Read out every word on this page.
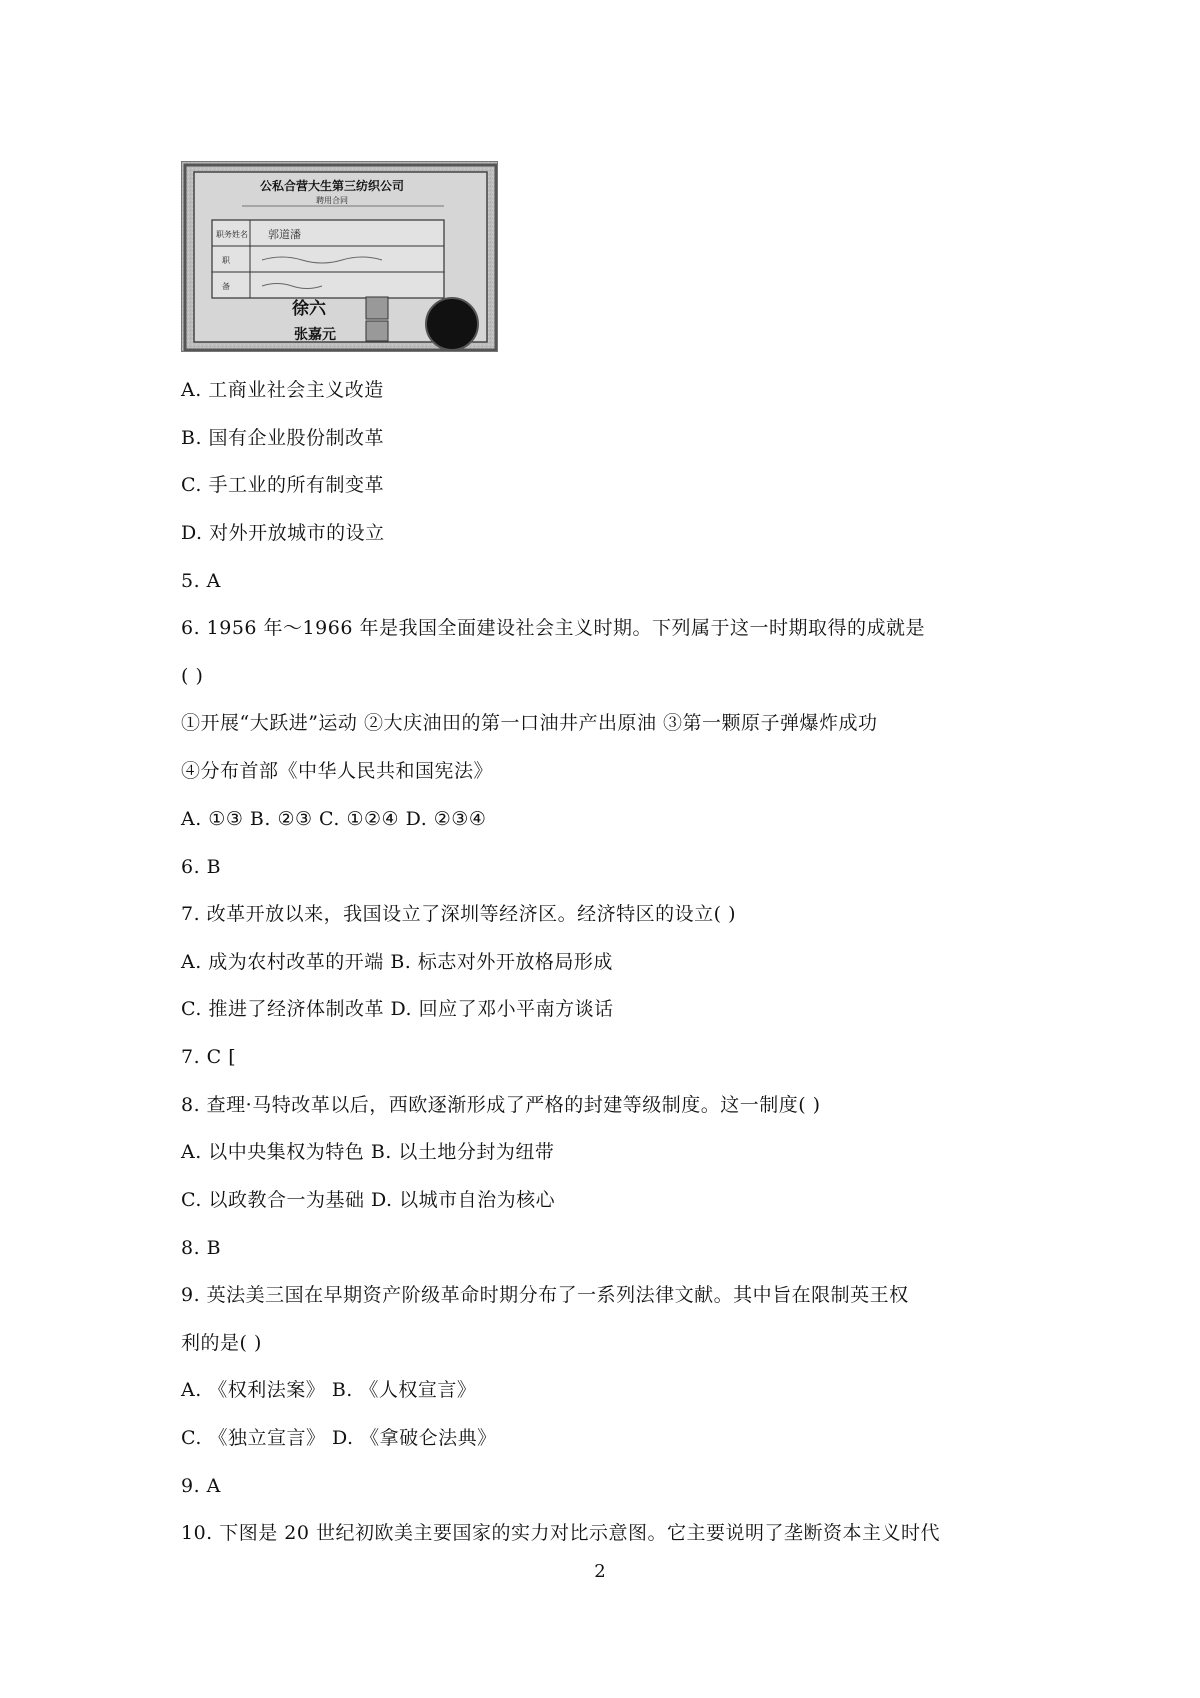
公私合营大生第三纺织公司
聘用合同
职务姓名 郭道潘
职
备
徐六
张嘉元
A. 工商业社会主义改造
B. 国有企业股份制改革
C. 手工业的所有制变革
D. 对外开放城市的设立
5. A
6. 1956 年～1966 年是我国全面建设社会主义时期。下列属于这一时期取得的成就是
( )
①开展“大跃进”运动 ②大庆油田的第一口油井产出原油 ③第一颗原子弹爆炸成功
④分布首部《中华人民共和国宪法》
A. ①③ B. ②③ C. ①②④ D. ②③④
6. B
7. 改革开放以来，我国设立了深圳等经济区。经济特区的设立( )
A. 成为农村改革的开端 B. 标志对外开放格局形成
C. 推进了经济体制改革 D. 回应了邓小平南方谈话
7. C [
8. 查理·马特改革以后，西欧逐渐形成了严格的封建等级制度。这一制度( )
A. 以中央集权为特色 B. 以土地分封为纽带
C. 以政教合一为基础 D. 以城市自治为核心
8. B
9. 英法美三国在早期资产阶级革命时期分布了一系列法律文献。其中旨在限制英王权
利的是( )
A. 《权利法案》 B. 《人权宣言》
C. 《独立宣言》 D. 《拿破仑法典》
9. A
10. 下图是 20 世纪初欧美主要国家的实力对比示意图。它主要说明了垄断资本主义时代
2
